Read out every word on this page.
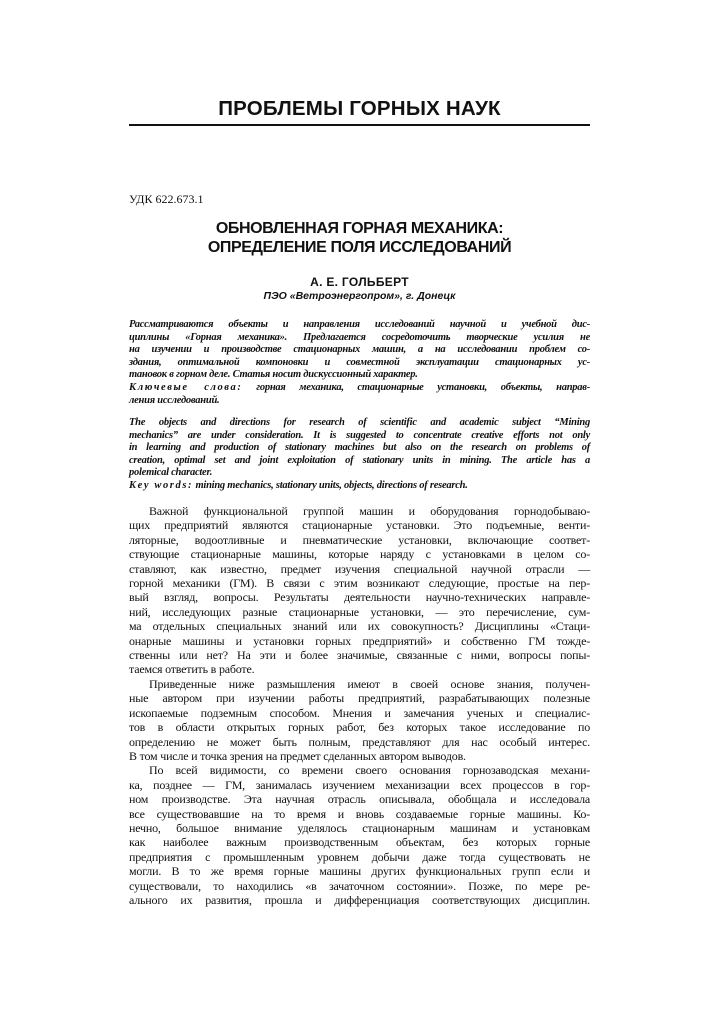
ПРОБЛЕМЫ ГОРНЫХ НАУК
УДК 622.673.1
ОБНОВЛЕННАЯ ГОРНАЯ МЕХАНИКА:
ОПРЕДЕЛЕНИЕ ПОЛЯ ИССЛЕДОВАНИЙ
А. Е. ГОЛЬБЕРТ
ПЭО «Ветроэнергопром», г. Донецк
Рассматриваются объекты и направления исследований научной и учебной дис-
циплины «Горная механика». Предлагается сосредоточить творческие усилия не
на изучении и производстве стационарных машин, а на исследовании проблем со-
здания, оптимальной компоновки и совместной эксплуатации стационарных ус-
тановок в горном деле. Статья носит дискуссионный характер.
Ключевые слова: горная механика, стационарные установки, объекты, направ-
ления исследований.
The objects and directions for research of scientific and academic subject “Mining
mechanics” are under consideration. It is suggested to concentrate creative efforts not only
in learning and production of stationary machines but also on the research on problems of
creation, optimal set and joint exploitation of stationary units in mining. The article has a
polemical character.
Key words: mining mechanics, stationary units, objects, directions of research.
Важной функциональной группой машин и оборудования горнодобываю-
щих предприятий являются стационарные установки. Это подъемные, венти-
ляторные, водоотливные и пневматические установки, включающие соответ-
ствующие стационарные машины, которые наряду с установками в целом со-
ставляют, как известно, предмет изучения специальной научной отрасли —
горной механики (ГМ). В связи с этим возникают следующие, простые на пер-
вый взгляд, вопросы. Результаты деятельности научно-технических направле-
ний, исследующих разные стационарные установки, — это перечисление, сум-
ма отдельных специальных знаний или их совокупность? Дисциплины «Стаци-
онарные машины и установки горных предприятий» и собственно ГМ тожде-
ственны или нет? На эти и более значимые, связанные с ними, вопросы попы-
таемся ответить в работе.
Приведенные ниже размышления имеют в своей основе знания, получен-
ные автором при изучении работы предприятий, разрабатывающих полезные
ископаемые подземным способом. Мнения и замечания ученых и специалис-
тов в области открытых горных работ, без которых такое исследование по
определению не может быть полным, представляют для нас особый интерес.
В том числе и точка зрения на предмет сделанных автором выводов.
По всей видимости, со времени своего основания горнозаводская механи-
ка, позднее — ГМ, занималась изучением механизации всех процессов в гор-
ном производстве. Эта научная отрасль описывала, обобщала и исследовала
все существовавшие на то время и вновь создаваемые горные машины. Ко-
нечно, большое внимание уделялось стационарным машинам и установкам
как наиболее важным производственным объектам, без которых горные
предприятия с промышленным уровнем добычи даже тогда существовать не
могли. В то же время горные машины других функциональных групп если и
существовали, то находились «в зачаточном состоянии». Позже, по мере ре-
ального их развития, прошла и дифференциация соответствующих дисциплин.
